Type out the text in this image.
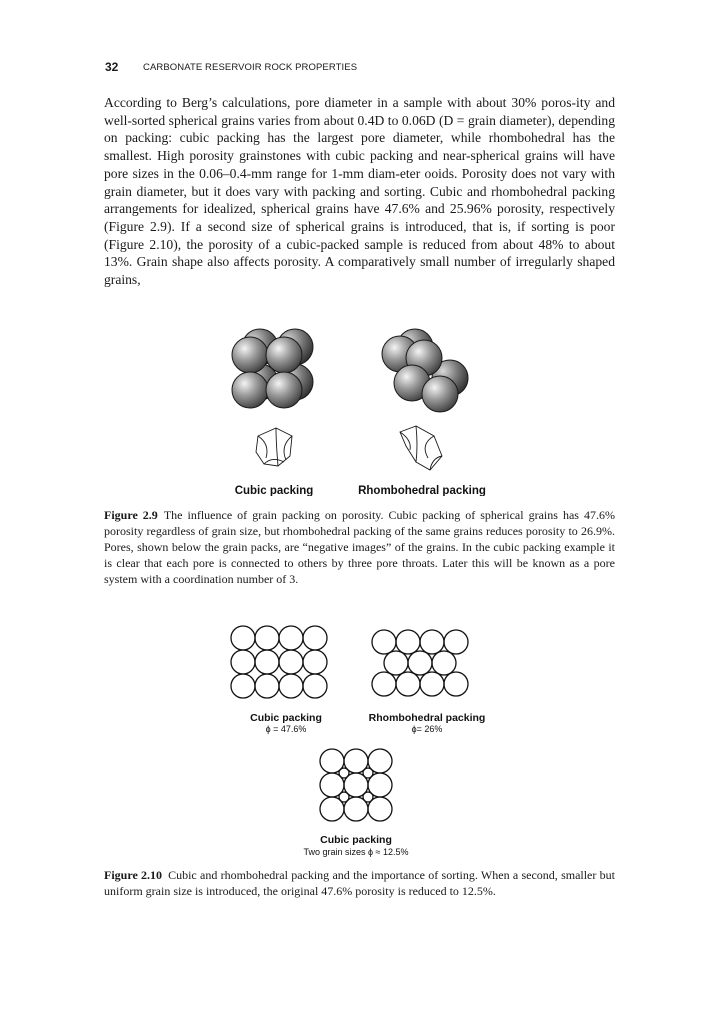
32	CARBONATE RESERVOIR ROCK PROPERTIES

According to Berg’s calculations, pore diameter in a sample with about 30% poros-ity and well-sorted spherical grains varies from about 0.4D to 0.06D (D = grain diameter), depending on packing: cubic packing has the largest pore diameter, while rhombohedral has the smallest. High porosity grainstones with cubic packing and near-spherical grains will have pore sizes in the 0.06–0.4-mm range for 1-mm diam-eter ooids. Porosity does not vary with grain diameter, but it does vary with packing and sorting. Cubic and rhombohedral packing arrangements for idealized, spherical grains have 47.6% and 25.96% porosity, respectively (Figure 2.9). If a second size of spherical grains is introduced, that is, if sorting is poor (Figure 2.10), the porosity of a cubic-packed sample is reduced from about 48% to about 13%. Grain shape also affects porosity. A comparatively small number of irregularly shaped grains,

Cubic packing	Rhombohedral packing

Figure 2.9 The influence of grain packing on porosity. Cubic packing of spherical grains has 47.6% porosity regardless of grain size, but rhombohedral packing of the same grains reduces porosity to 26.9%. Pores, shown below the grain packs, are “negative images” of the grains. In the cubic packing example it is clear that each pore is connected to others by three pore throats. Later this will be known as a pore system with a coordination number of 3.

Cubic packing
ϕ = 47.6%
Rhombohedral packing
ϕ= 26%
Cubic packing
Two grain sizes ϕ ≈ 12.5%

Figure 2.10 Cubic and rhombohedral packing and the importance of sorting. When a second, smaller but uniform grain size is introduced, the original 47.6% porosity is reduced to 12.5%.
